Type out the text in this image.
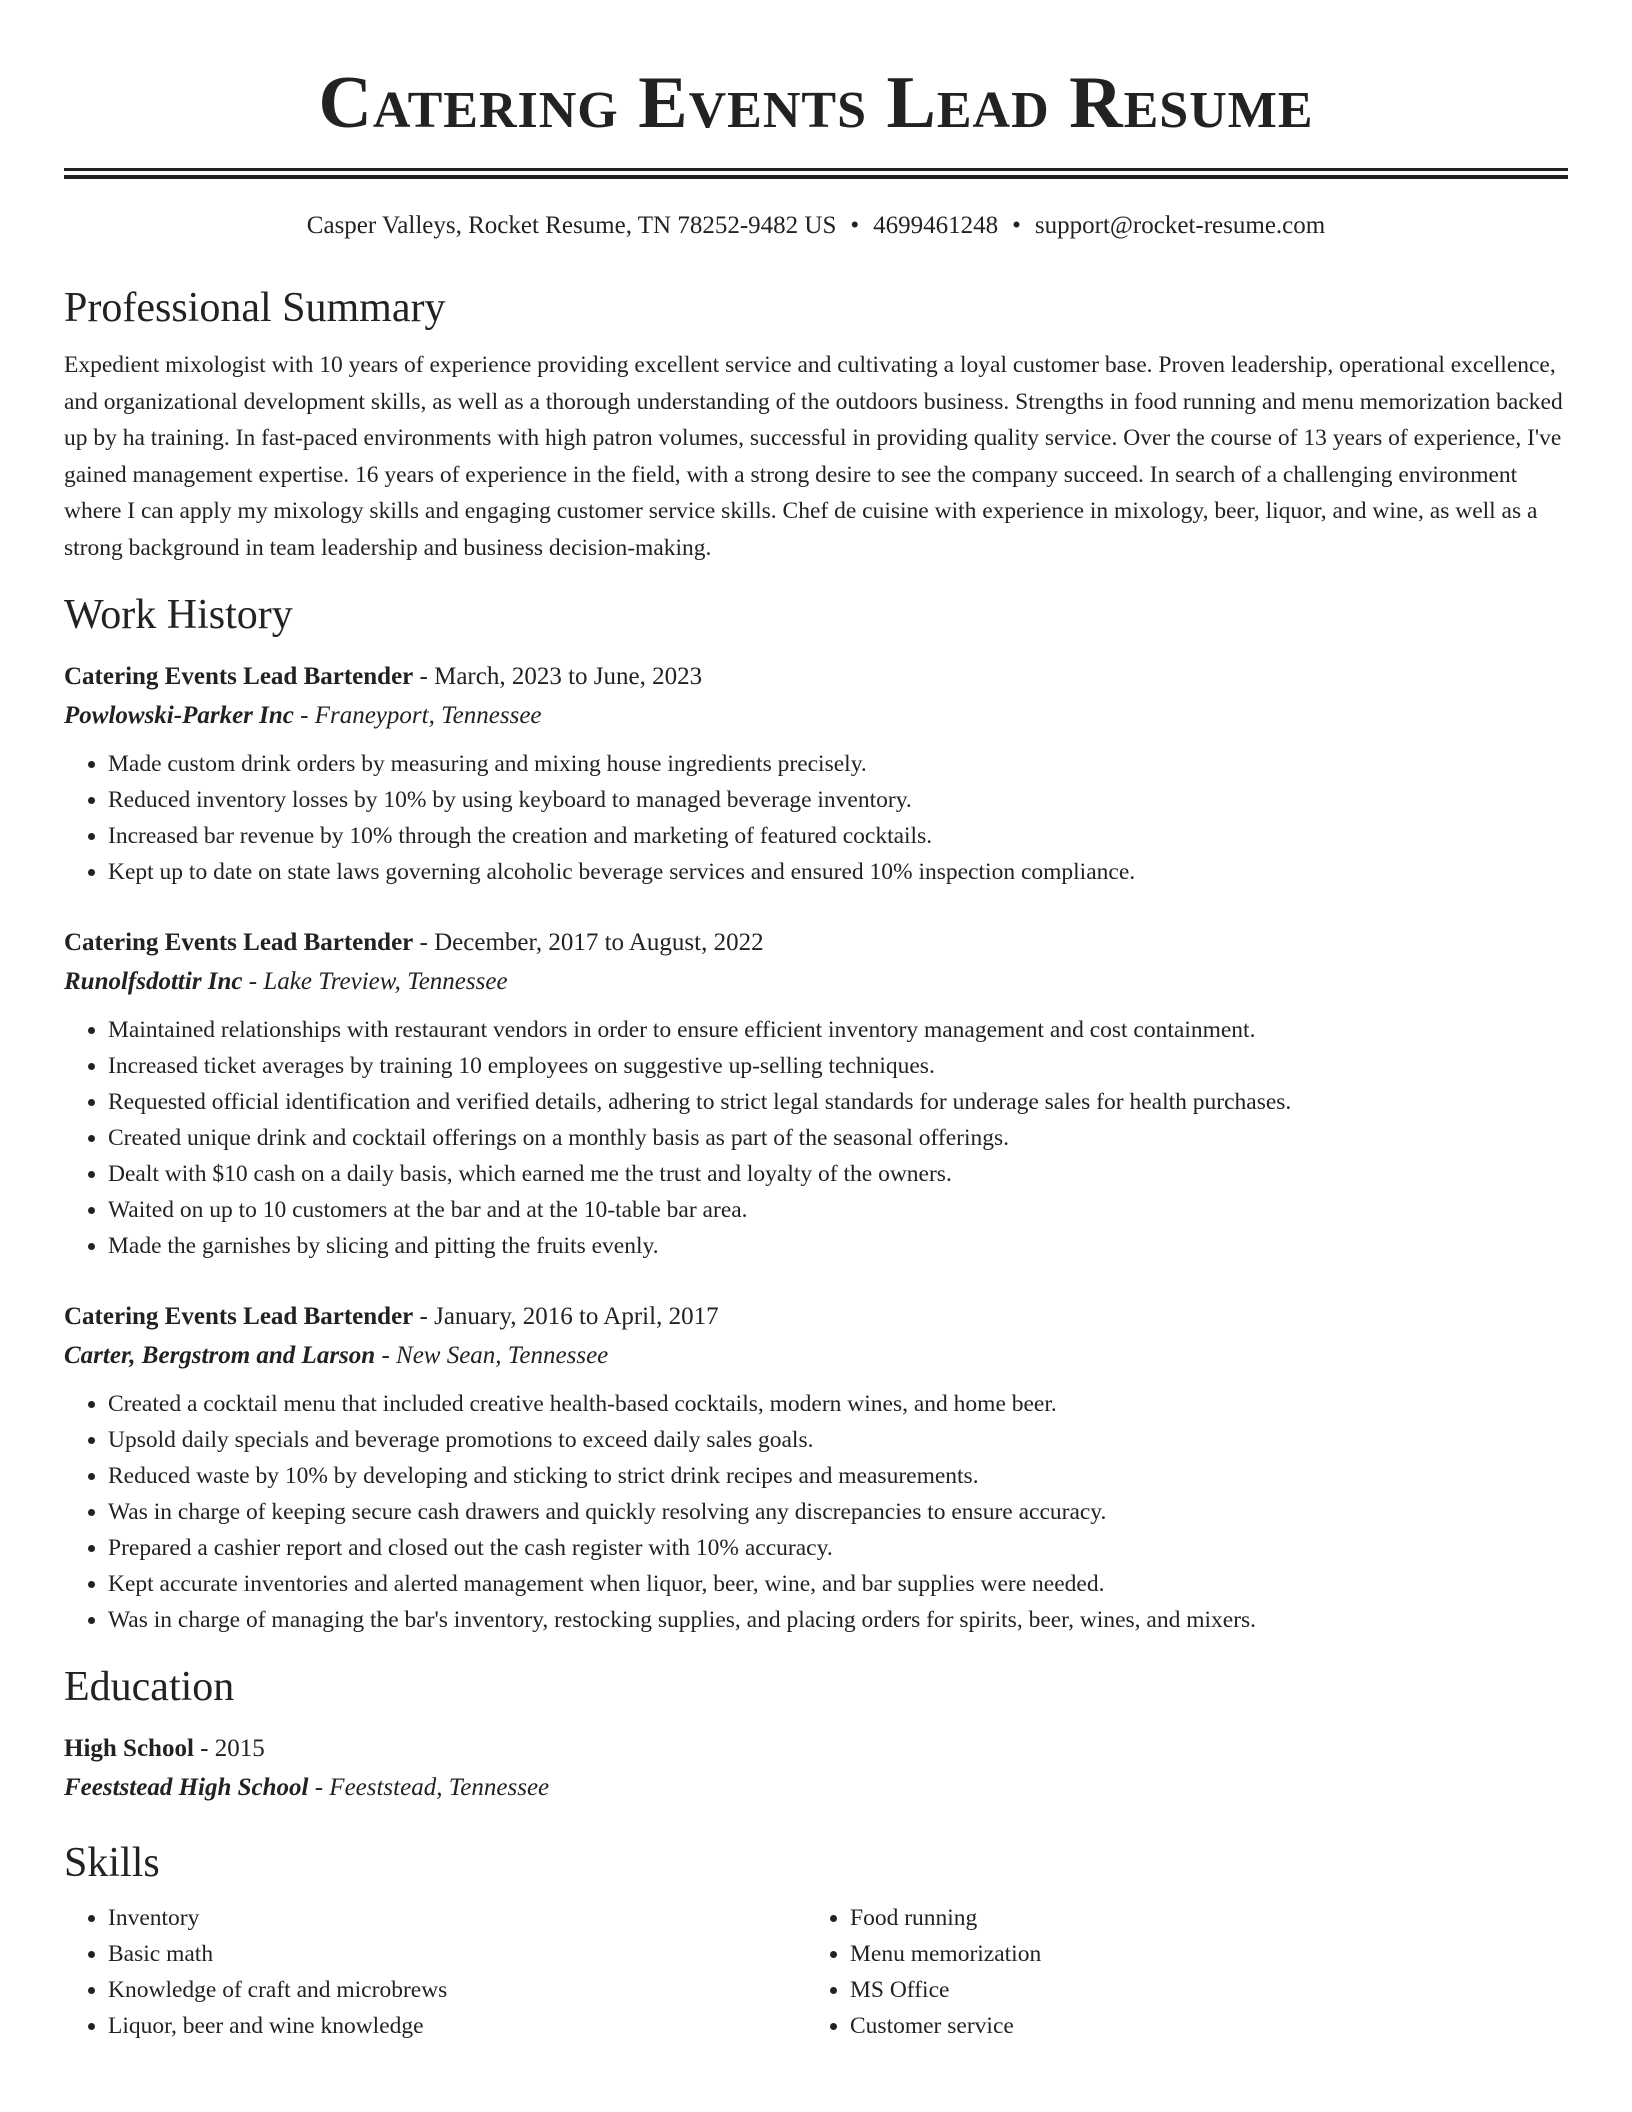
Catering Events Lead Resume
Casper Valleys, Rocket Resume, TN 78252-9482 US • 4699461248 • support@rocket-resume.com
Professional Summary
Expedient mixologist with 10 years of experience providing excellent service and cultivating a loyal customer base. Proven leadership, operational excellence, and organizational development skills, as well as a thorough understanding of the outdoors business. Strengths in food running and menu memorization backed up by ha training. In fast-paced environments with high patron volumes, successful in providing quality service. Over the course of 13 years of experience, I've gained management expertise. 16 years of experience in the field, with a strong desire to see the company succeed. In search of a challenging environment where I can apply my mixology skills and engaging customer service skills. Chef de cuisine with experience in mixology, beer, liquor, and wine, as well as a strong background in team leadership and business decision-making.
Work History
Catering Events Lead Bartender - March, 2023 to June, 2023
Powlowski-Parker Inc - Franeyport, Tennessee
• Made custom drink orders by measuring and mixing house ingredients precisely.
• Reduced inventory losses by 10% by using keyboard to managed beverage inventory.
• Increased bar revenue by 10% through the creation and marketing of featured cocktails.
• Kept up to date on state laws governing alcoholic beverage services and ensured 10% inspection compliance.
Catering Events Lead Bartender - December, 2017 to August, 2022
Runolfsdottir Inc - Lake Treview, Tennessee
• Maintained relationships with restaurant vendors in order to ensure efficient inventory management and cost containment.
• Increased ticket averages by training 10 employees on suggestive up-selling techniques.
• Requested official identification and verified details, adhering to strict legal standards for underage sales for health purchases.
• Created unique drink and cocktail offerings on a monthly basis as part of the seasonal offerings.
• Dealt with $10 cash on a daily basis, which earned me the trust and loyalty of the owners.
• Waited on up to 10 customers at the bar and at the 10-table bar area.
• Made the garnishes by slicing and pitting the fruits evenly.
Catering Events Lead Bartender - January, 2016 to April, 2017
Carter, Bergstrom and Larson - New Sean, Tennessee
• Created a cocktail menu that included creative health-based cocktails, modern wines, and home beer.
• Upsold daily specials and beverage promotions to exceed daily sales goals.
• Reduced waste by 10% by developing and sticking to strict drink recipes and measurements.
• Was in charge of keeping secure cash drawers and quickly resolving any discrepancies to ensure accuracy.
• Prepared a cashier report and closed out the cash register with 10% accuracy.
• Kept accurate inventories and alerted management when liquor, beer, wine, and bar supplies were needed.
• Was in charge of managing the bar's inventory, restocking supplies, and placing orders for spirits, beer, wines, and mixers.
Education
High School - 2015
Feeststead High School - Feeststead, Tennessee
Skills
• Inventory
• Basic math
• Knowledge of craft and microbrews
• Liquor, beer and wine knowledge
• Food running
• Menu memorization
• MS Office
• Customer service
